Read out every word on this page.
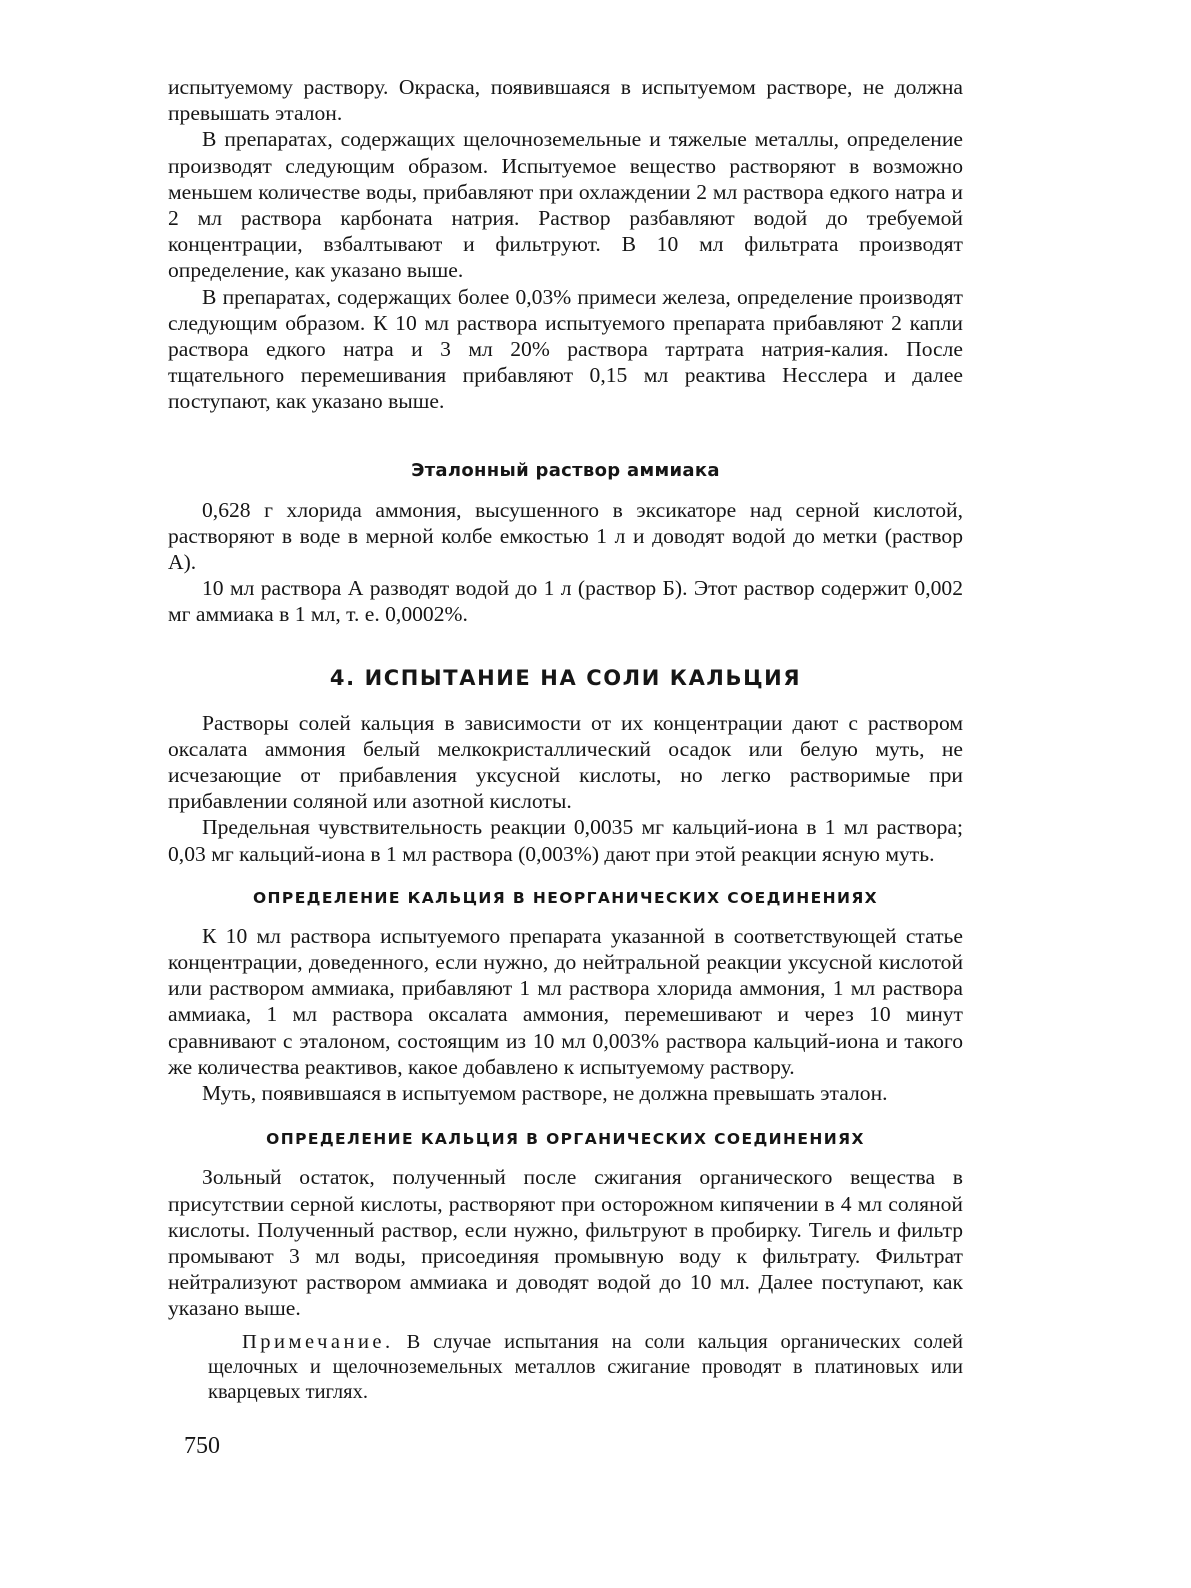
испытуемому раствору. Окраска, появившаяся в испытуемом растворе, не должна превышать эталон.

В препаратах, содержащих щелочноземельные и тяжелые металлы, определение производят следующим образом. Испытуемое вещество растворяют в возможно меньшем количестве воды, прибавляют при охлаждении 2 мл раствора едкого натра и 2 мл раствора карбоната натрия. Раствор разбавляют водой до требуемой концентрации, взбалтывают и фильтруют. В 10 мл фильтрата производят определение, как указано выше.

В препаратах, содержащих более 0,03% примеси железа, определение производят следующим образом. К 10 мл раствора испытуемого препарата прибавляют 2 капли раствора едкого натра и 3 мл 20% раствора тартрата натрия-калия. После тщательного перемешивания прибавляют 0,15 мл реактива Несслера и далее поступают, как указано выше.

Эталонный раствор аммиака

0,628 г хлорида аммония, высушенного в эксикаторе над серной кислотой, растворяют в воде в мерной колбе емкостью 1 л и доводят водой до метки (раствор А).

10 мл раствора А разводят водой до 1 л (раствор Б). Этот раствор содержит 0,002 мг аммиака в 1 мл, т. е. 0,0002%.

4. ИСПЫТАНИЕ НА СОЛИ КАЛЬЦИЯ

Растворы солей кальция в зависимости от их концентрации дают с раствором оксалата аммония белый мелкокристаллический осадок или белую муть, не исчезающие от прибавления уксусной кислоты, но легко растворимые при прибавлении соляной или азотной кислоты.

Предельная чувствительность реакции 0,0035 мг кальций-иона в 1 мл раствора; 0,03 мг кальций-иона в 1 мл раствора (0,003%) дают при этой реакции ясную муть.

ОПРЕДЕЛЕНИЕ КАЛЬЦИЯ В НЕОРГАНИЧЕСКИХ СОЕДИНЕНИЯХ

К 10 мл раствора испытуемого препарата указанной в соответствующей статье концентрации, доведенного, если нужно, до нейтральной реакции уксусной кислотой или раствором аммиака, прибавляют 1 мл раствора хлорида аммония, 1 мл раствора аммиака, 1 мл раствора оксалата аммония, перемешивают и через 10 минут сравнивают с эталоном, состоящим из 10 мл 0,003% раствора кальций-иона и такого же количества реактивов, какое добавлено к испытуемому раствору.

Муть, появившаяся в испытуемом растворе, не должна превышать эталон.

ОПРЕДЕЛЕНИЕ КАЛЬЦИЯ В ОРГАНИЧЕСКИХ СОЕДИНЕНИЯХ

Зольный остаток, полученный после сжигания органического вещества в присутствии серной кислоты, растворяют при осторожном кипячении в 4 мл соляной кислоты. Полученный раствор, если нужно, фильтруют в пробирку. Тигель и фильтр промывают 3 мл воды, присоединяя промывную воду к фильтрату. Фильтрат нейтрализуют раствором аммиака и доводят водой до 10 мл. Далее поступают, как указано выше.

Примечание. В случае испытания на соли кальция органических солей щелочных и щелочноземельных металлов сжигание проводят в платиновых или кварцевых тиглях.

750
